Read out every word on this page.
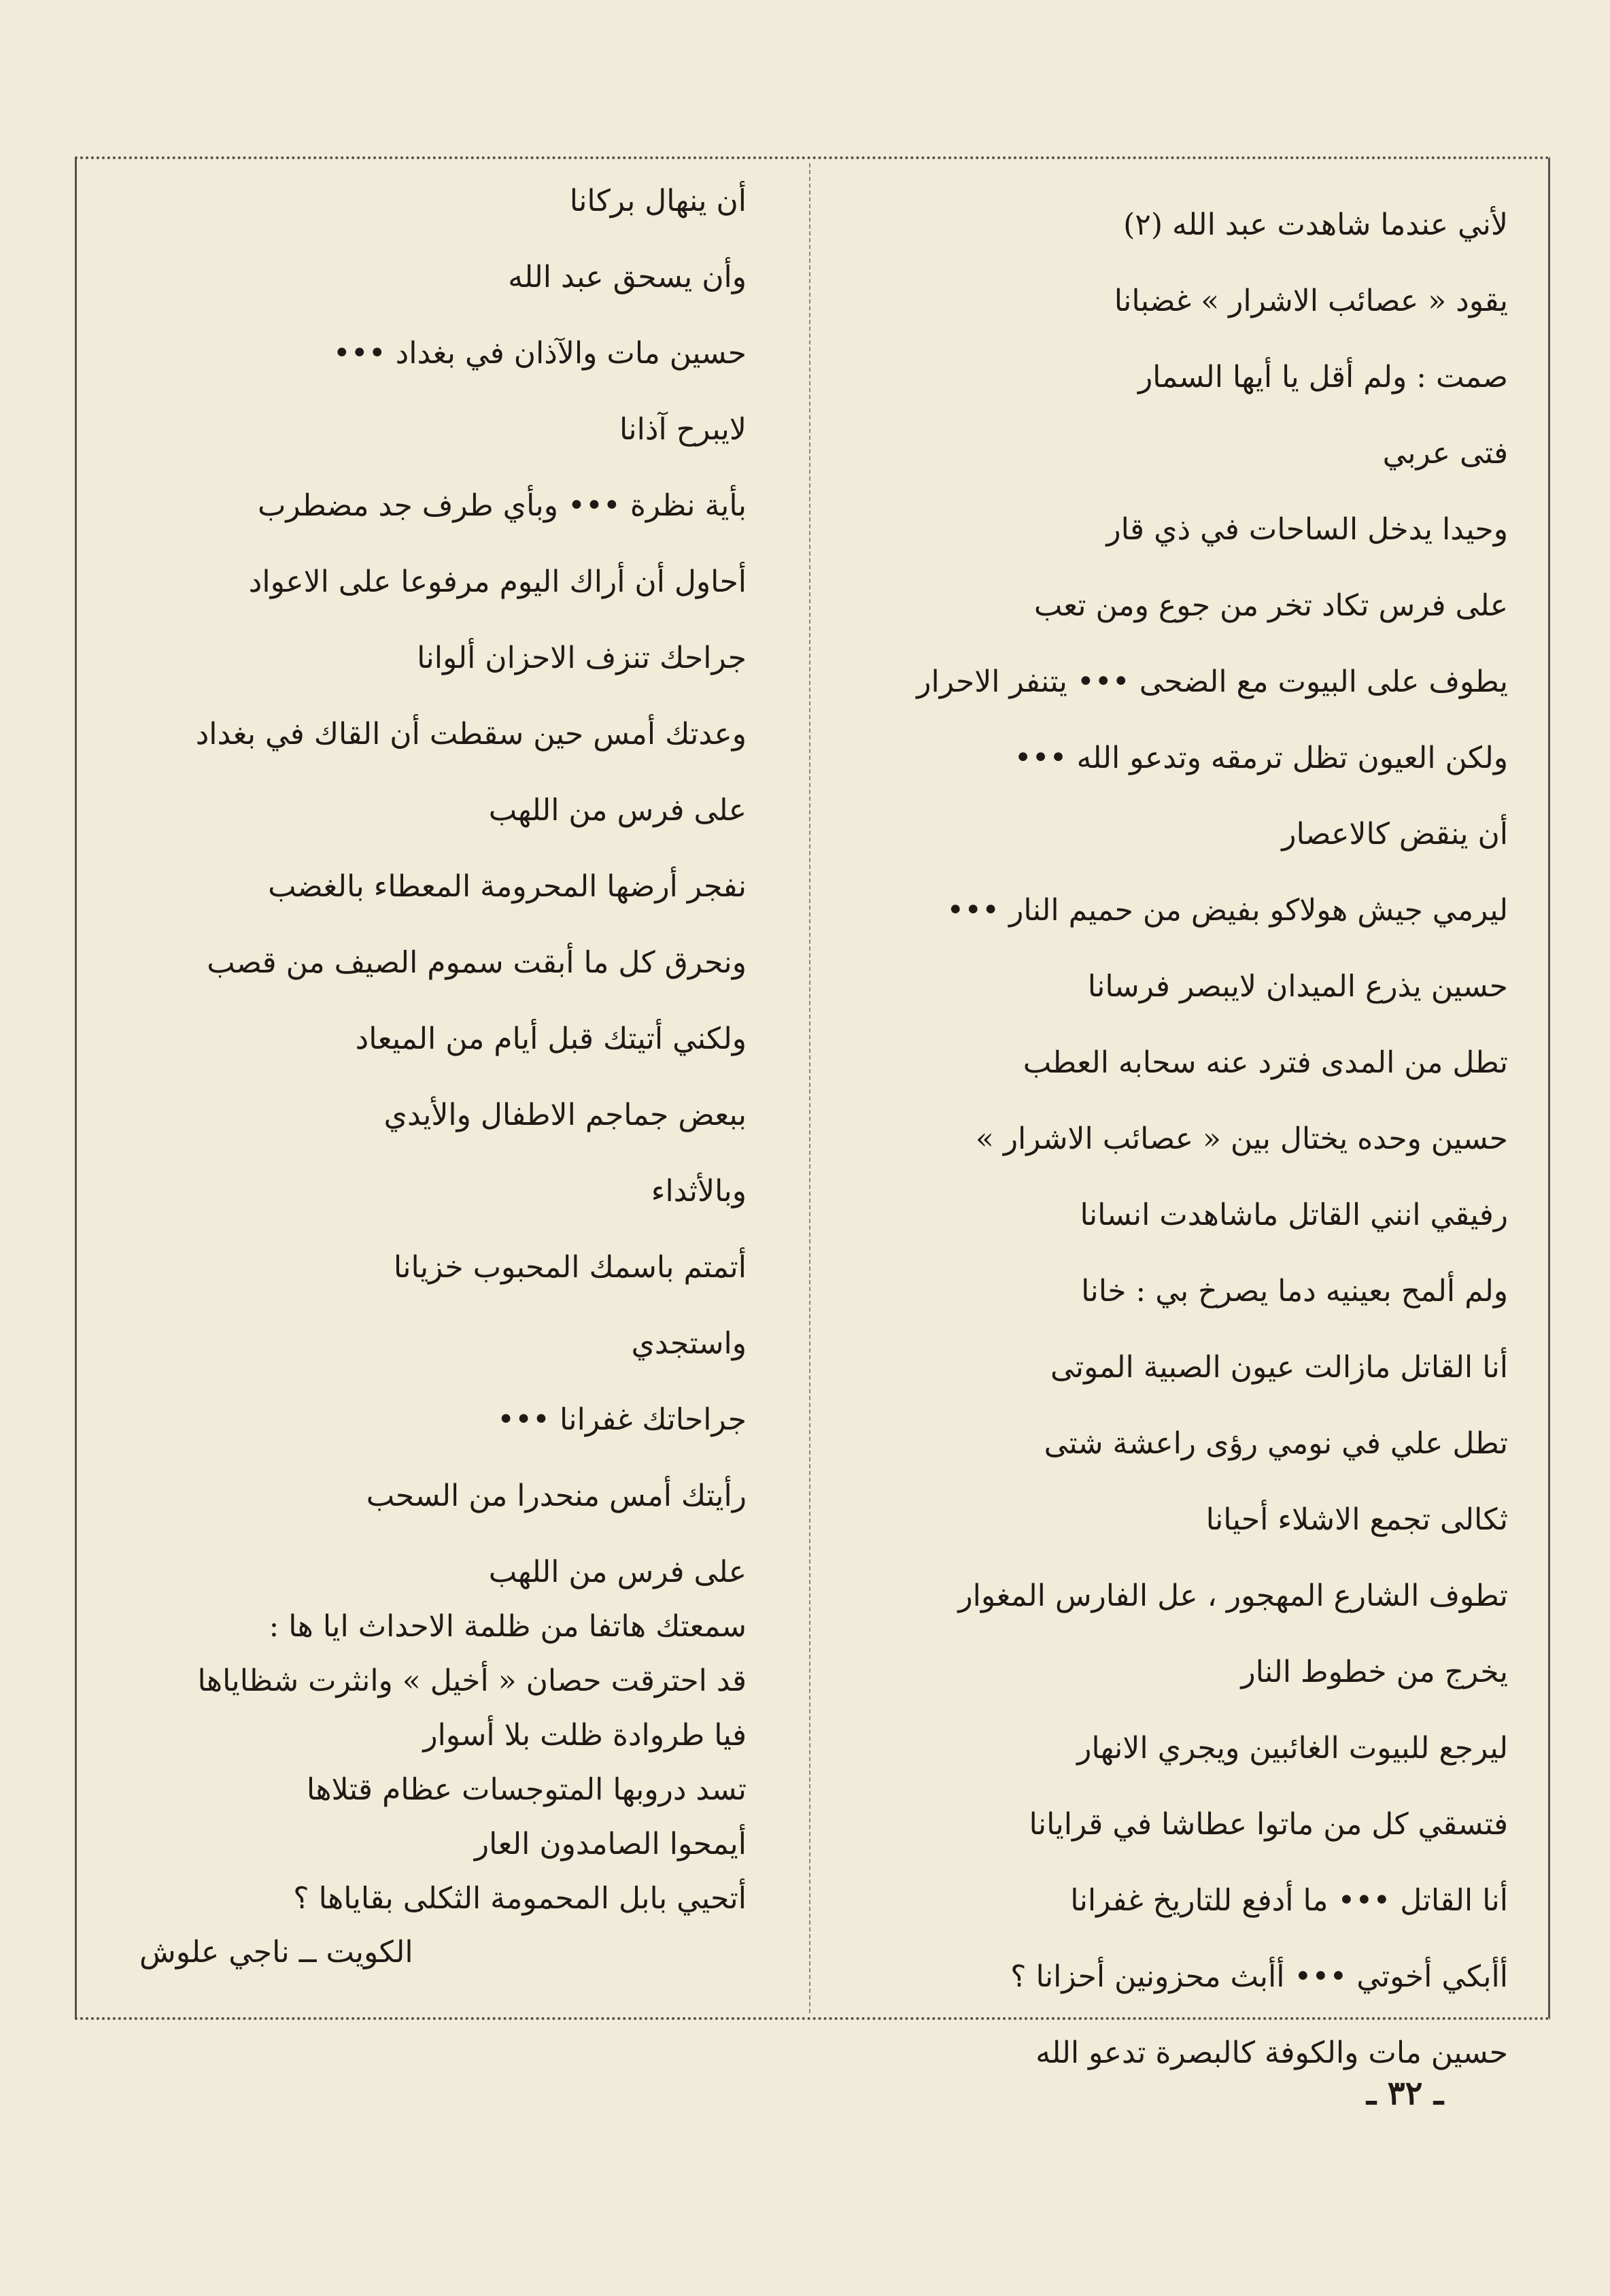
لأني عندما شاهدت عبد الله (٢)

يقود « عصائب الاشرار » غضبانا

صمت : ولم أقل يا أيها السمار

فتى عربي

وحيدا يدخل الساحات في ذي قار

على فرس تكاد تخر من جوع ومن تعب

يطوف على البيوت مع الضحى ••• يتنفر الاحرار

ولكن العيون تظل ترمقه وتدعو الله •••

أن ينقض كالاعصار

ليرمي جيش هولاكو بفيض من حميم النار •••

حسين يذرع الميدان لايبصر فرسانا

تطل من المدى فترد عنه سحابه العطب

حسين وحده يختال بين « عصائب الاشرار »

رفيقي انني القاتل ماشاهدت انسانا

ولم ألمح بعينيه دما يصرخ بي : خانا

أنا القاتل مازالت عيون الصبية الموتى

تطل علي في نومي رؤى راعشة شتى

ثكالى تجمع الاشلاء أحيانا

تطوف الشارع المهجور ، عل الفارس المغوار

يخرج من خطوط النار

ليرجع للبيوت الغائبين ويجري الانهار

فتسقي كل من ماتوا عطاشا في قرايانا

أنا القاتل ••• ما أدفع للتاريخ غفرانا

أأبكي أخوتي ••• أأبث محزونين أحزانا ؟

حسين مات والكوفة كالبصرة تدعو الله

أن ينهال بركانا

وأن يسحق عبد الله

حسين مات والآذان في بغداد •••

لايبرح آذانا

بأية نظرة ••• وبأي طرف جد مضطرب

أحاول أن أراك اليوم مرفوعا على الاعواد

جراحك تنزف الاحزان ألوانا

وعدتك أمس حين سقطت أن القاك في بغداد

على فرس من اللهب

نفجر أرضها المحرومة المعطاء بالغضب

ونحرق كل ما أبقت سموم الصيف من قصب

ولكني أتيتك قبل أيام من الميعاد

ببعض جماجم الاطفال والأيدي

وبالأثداء

أتمتم باسمك المحبوب خزيانا

واستجدي

جراحاتك غفرانا •••

رأيتك أمس منحدرا من السحب

على فرس من اللهب

سمعتك هاتفا من ظلمة الاحداث ايا ها :

قد احترقت حصان « أخيل » وانثرت شظاياها

فيا طروادة ظلت بلا أسوار

تسد دروبها المتوجسات عظام قتلاها

أيمحوا الصامدون العار

أتحيي بابل المحمومة الثكلى بقاياها ؟

الكويت ــ ناجي علوش
ـ ٣٢ ـ
